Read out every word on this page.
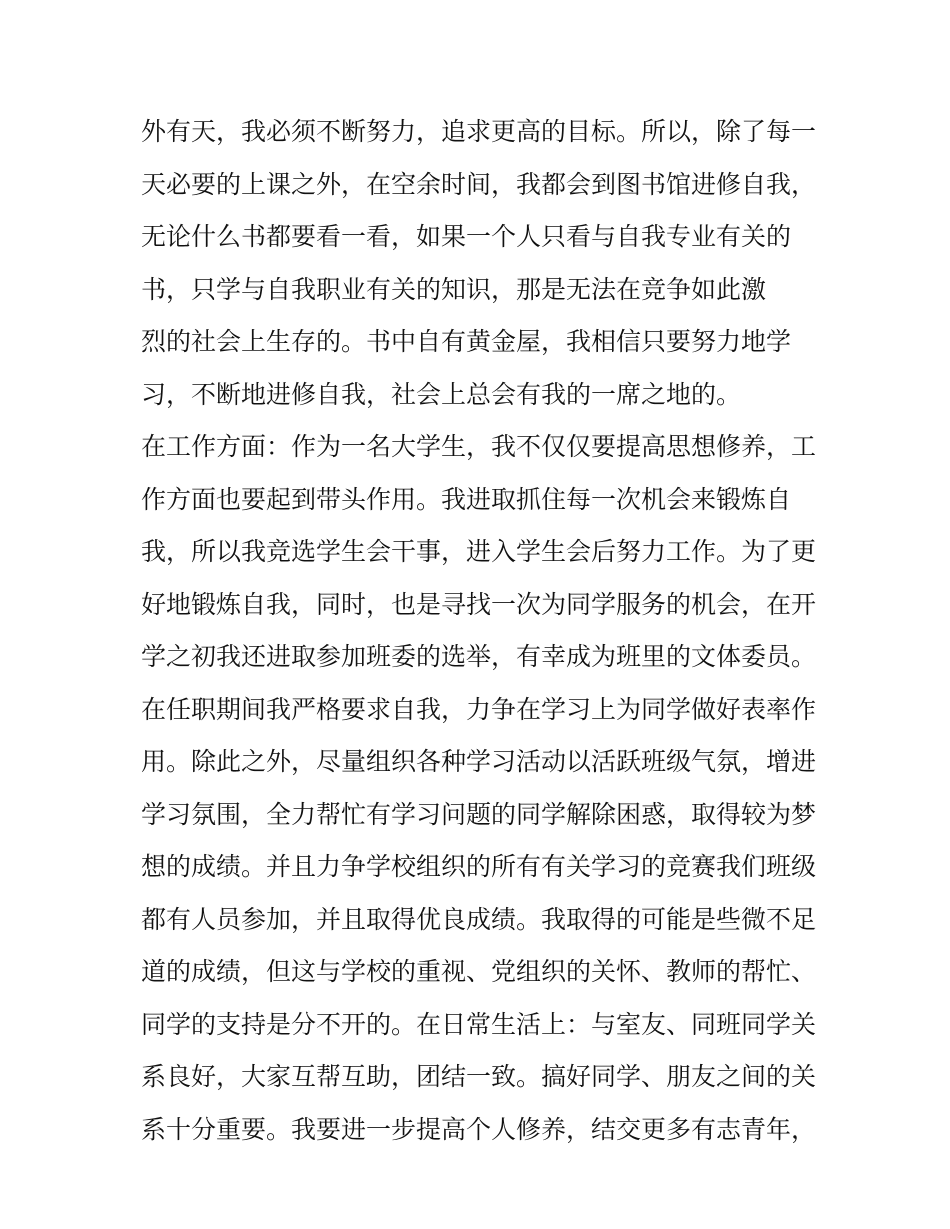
外有天，我必须不断努力，追求更高的目标。所以，除了每一
天必要的上课之外，在空余时间，我都会到图书馆进修自我，
无论什么书都要看一看，如果一个人只看与自我专业有关的
书，只学与自我职业有关的知识，那是无法在竞争如此激
烈的社会上生存的。书中自有黄金屋，我相信只要努力地学
习，不断地进修自我，社会上总会有我的一席之地的。
在工作方面：作为一名大学生，我不仅仅要提高思想修养，工
作方面也要起到带头作用。我进取抓住每一次机会来锻炼自
我，所以我竞选学生会干事，进入学生会后努力工作。为了更
好地锻炼自我，同时，也是寻找一次为同学服务的机会，在开
学之初我还进取参加班委的选举，有幸成为班里的文体委员。
在任职期间我严格要求自我，力争在学习上为同学做好表率作
用。除此之外，尽量组织各种学习活动以活跃班级气氛，增进
学习氛围，全力帮忙有学习问题的同学解除困惑，取得较为梦
想的成绩。并且力争学校组织的所有有关学习的竞赛我们班级
都有人员参加，并且取得优良成绩。我取得的可能是些微不足
道的成绩，但这与学校的重视、党组织的关怀、教师的帮忙、
同学的支持是分不开的。在日常生活上：与室友、同班同学关
系良好，大家互帮互助，团结一致。搞好同学、朋友之间的关
系十分重要。我要进一步提高个人修养，结交更多有志青年，
